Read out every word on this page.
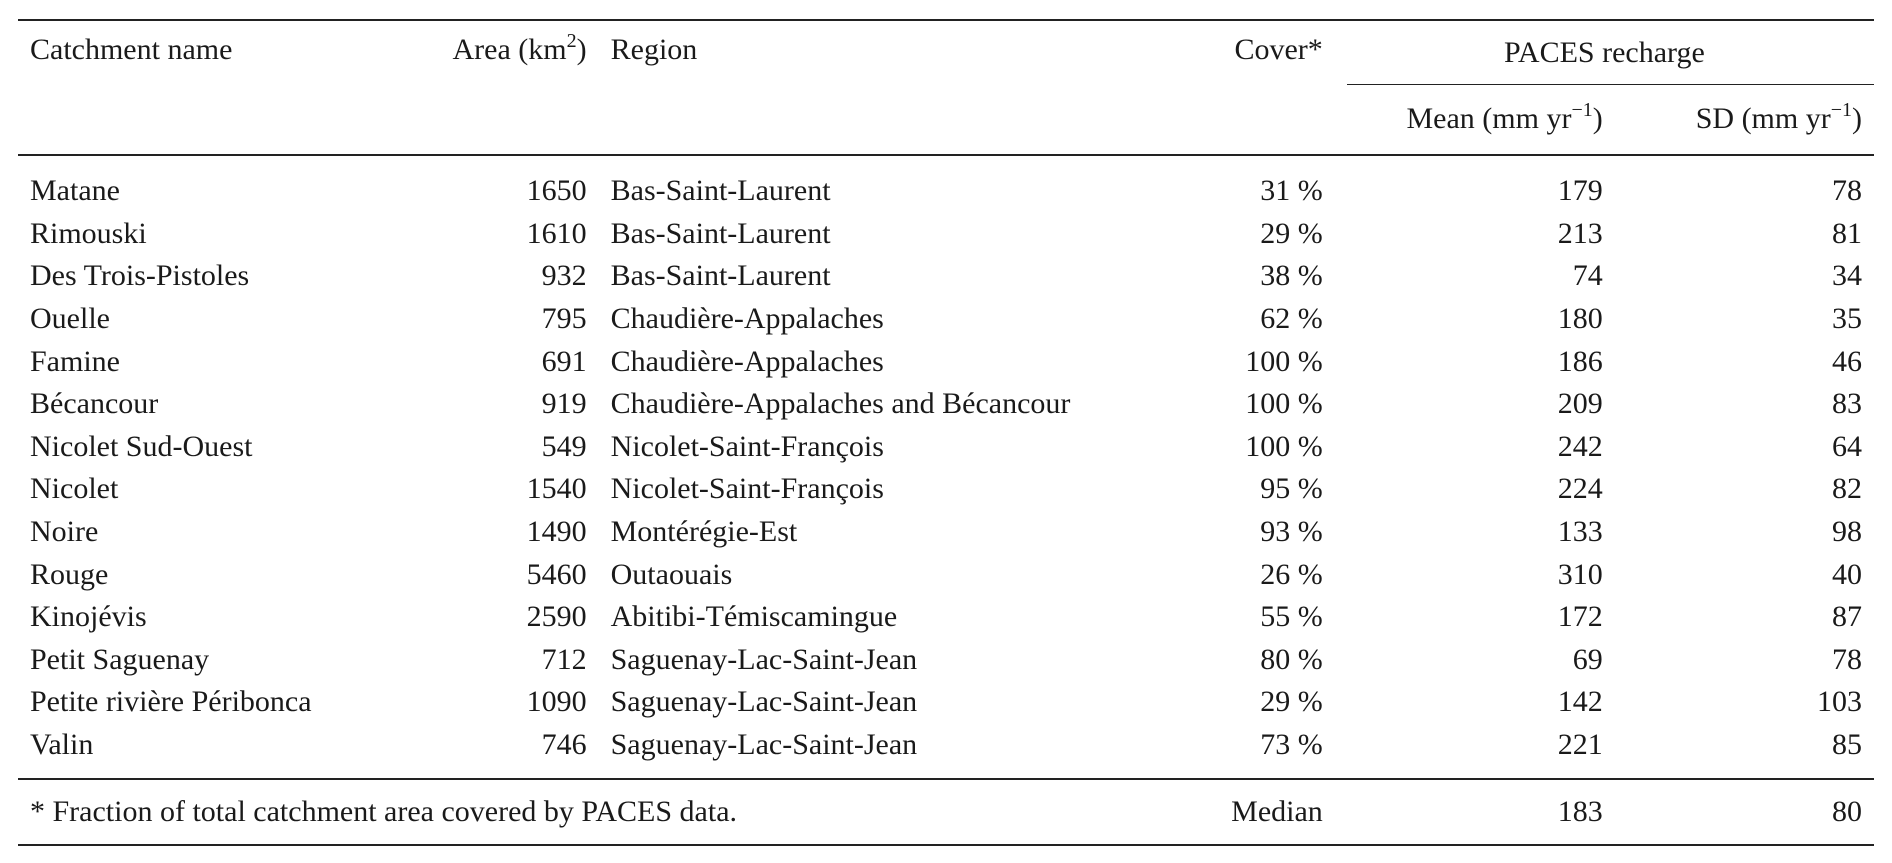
Catchment name	Area $(km^2)$	Region	Cover*	PACES recharge	

				Mean (mm $yr^{-1}$)	SD (mm $yr^{-1}$)
Matane	1650	Bas-Saint-Laurent	31 %	179	78
Rimouski	1610	Bas-Saint-Laurent	29 %	213	81
Des Trois-Pistoles	932	Bas-Saint-Laurent	38 %	74	34
Ouelle	795	Chaudière-Appalaches	62 %	180	35
Famine	691	Chaudière-Appalaches	100 %	186	46
Bécancour	919	Chaudière-Appalaches and Bécancour	100 %	209	83
Nicolet Sud-Ouest	549	Nicolet-Saint-François	100 %	242	64
Nicolet	1540	Nicolet-Saint-François	95 %	224	82
Noire	1490	Montérégie-Est	93 %	133	98
Rouge	5460	Outaouais	26 %	310	40
Kinojévis	2590	Abitibi-Témiscamingue	55 %	172	87
Petit Saguenay	712	Saguenay-Lac-Saint-Jean	80 %	69	78
Petite rivière Péribonca	1090	Saguenay-Lac-Saint-Jean	29 %	142	103
Valin	746	Saguenay-Lac-Saint-Jean	73 %	221	85
* Fraction of total catchment area covered by PACES data.			Median	183	80
